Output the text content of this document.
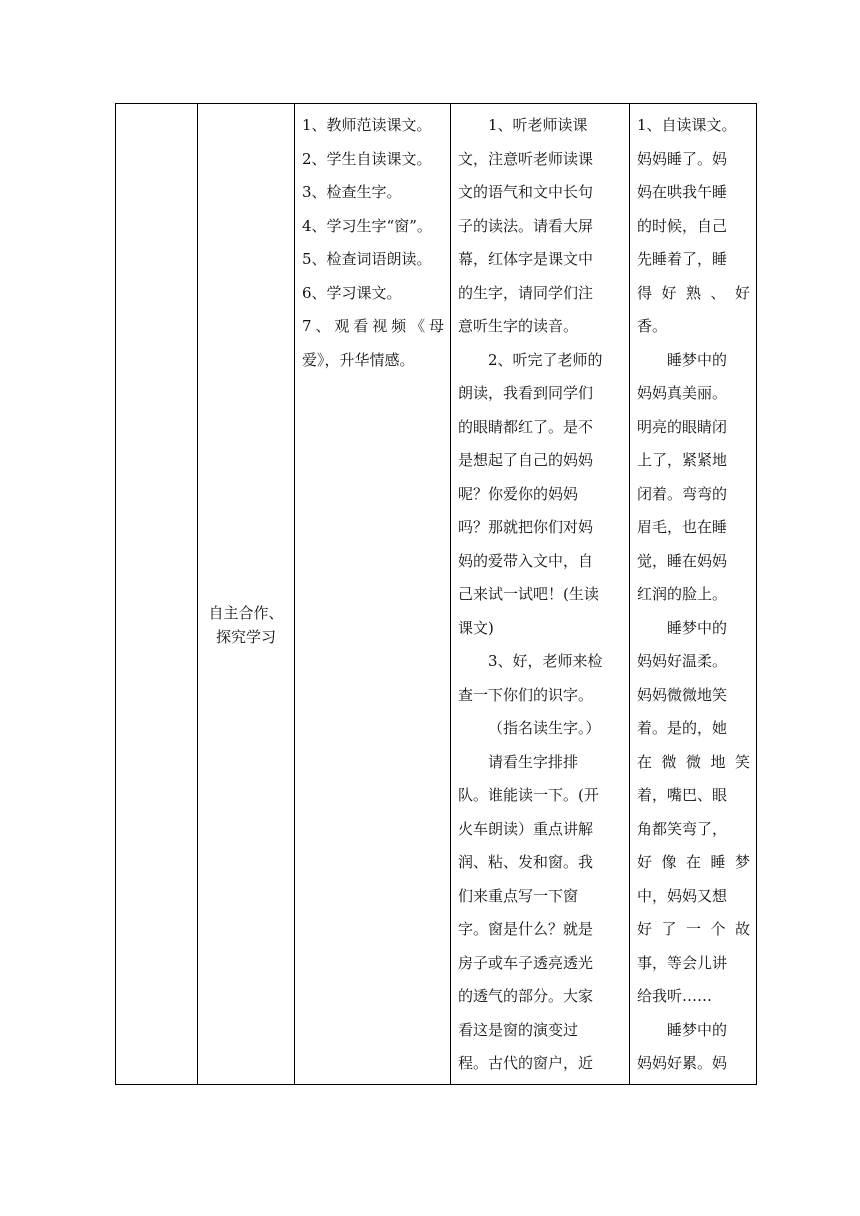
自主合作、
探究学习

1、教师范读课文。
2、学生自读课文。
3、检查生字。
4、学习生字“窗”。
5、检查词语朗读。
6、学习课文。
7、观看视频《母
爱》，升华情感。

1、听老师读课
文，注意听老师读课
文的语气和文中长句
子的读法。请看大屏
幕，红体字是课文中
的生字，请同学们注
意听生字的读音。
2、听完了老师的
朗读，我看到同学们
的眼睛都红了。是不
是想起了自己的妈妈
呢？你爱你的妈妈
吗？那就把你们对妈
妈的爱带入文中，自
己来试一试吧！(生读
课文)
3、好，老师来检
查一下你们的识字。
（指名读生字。）
请看生字排排
队。谁能读一下。(开
火车朗读）重点讲解
润、粘、发和窗。我
们来重点写一下窗
字。窗是什么？就是
房子或车子透亮透光
的透气的部分。大家
看这是窗的演变过
程。古代的窗户，近

1、自读课文。
妈妈睡了。妈
妈在哄我午睡
的时候，自己
先睡着了，睡
得好熟、好
香。
睡梦中的
妈妈真美丽。
明亮的眼睛闭
上了，紧紧地
闭着。弯弯的
眉毛，也在睡
觉，睡在妈妈
红润的脸上。
睡梦中的
妈妈好温柔。
妈妈微微地笑
着。是的，她
在微微地笑
着，嘴巴、眼
角都笑弯了，
好像在睡梦
中，妈妈又想
好了一个故
事，等会儿讲
给我听……
睡梦中的
妈妈好累。妈
